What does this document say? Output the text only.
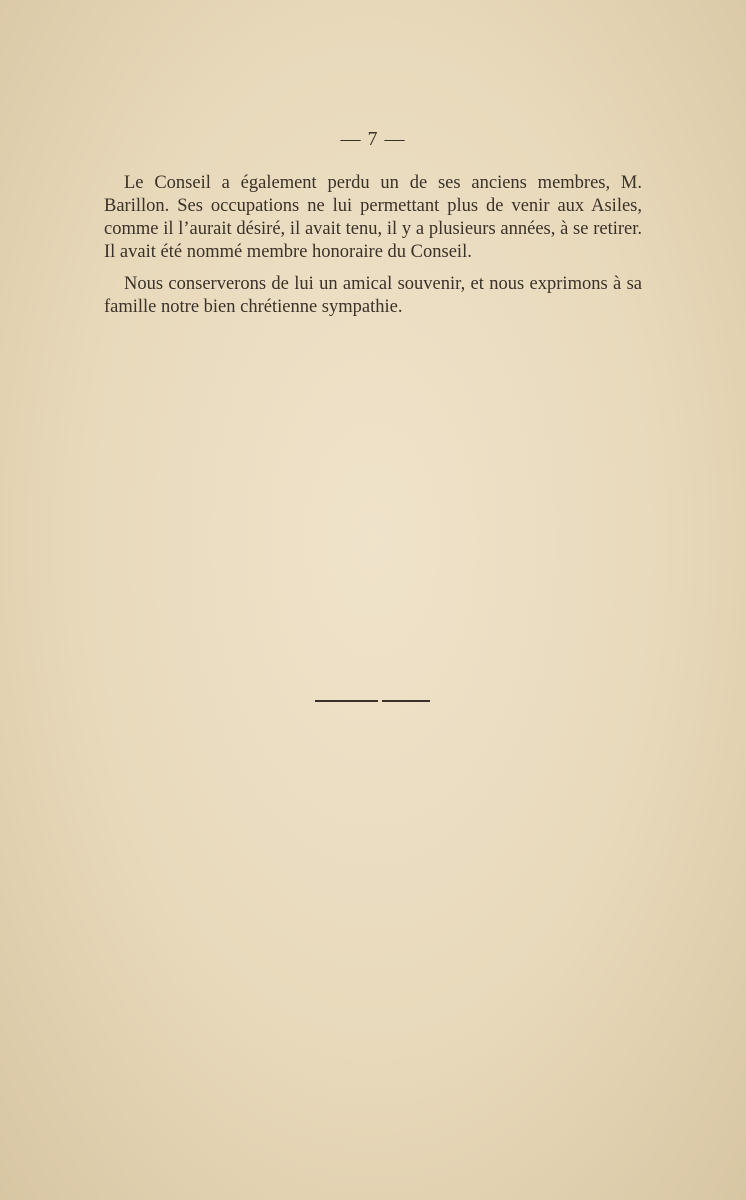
— 7 —

Le Conseil a également perdu un de ses anciens membres, M. Barillon. Ses occupations ne lui permettant plus de venir aux Asiles, comme il l’aurait désiré, il avait tenu, il y a plusieurs années, à se retirer. Il avait été nommé membre honoraire du Conseil.

Nous conserverons de lui un amical souvenir, et nous exprimons à sa famille notre bien chrétienne sympathie.
